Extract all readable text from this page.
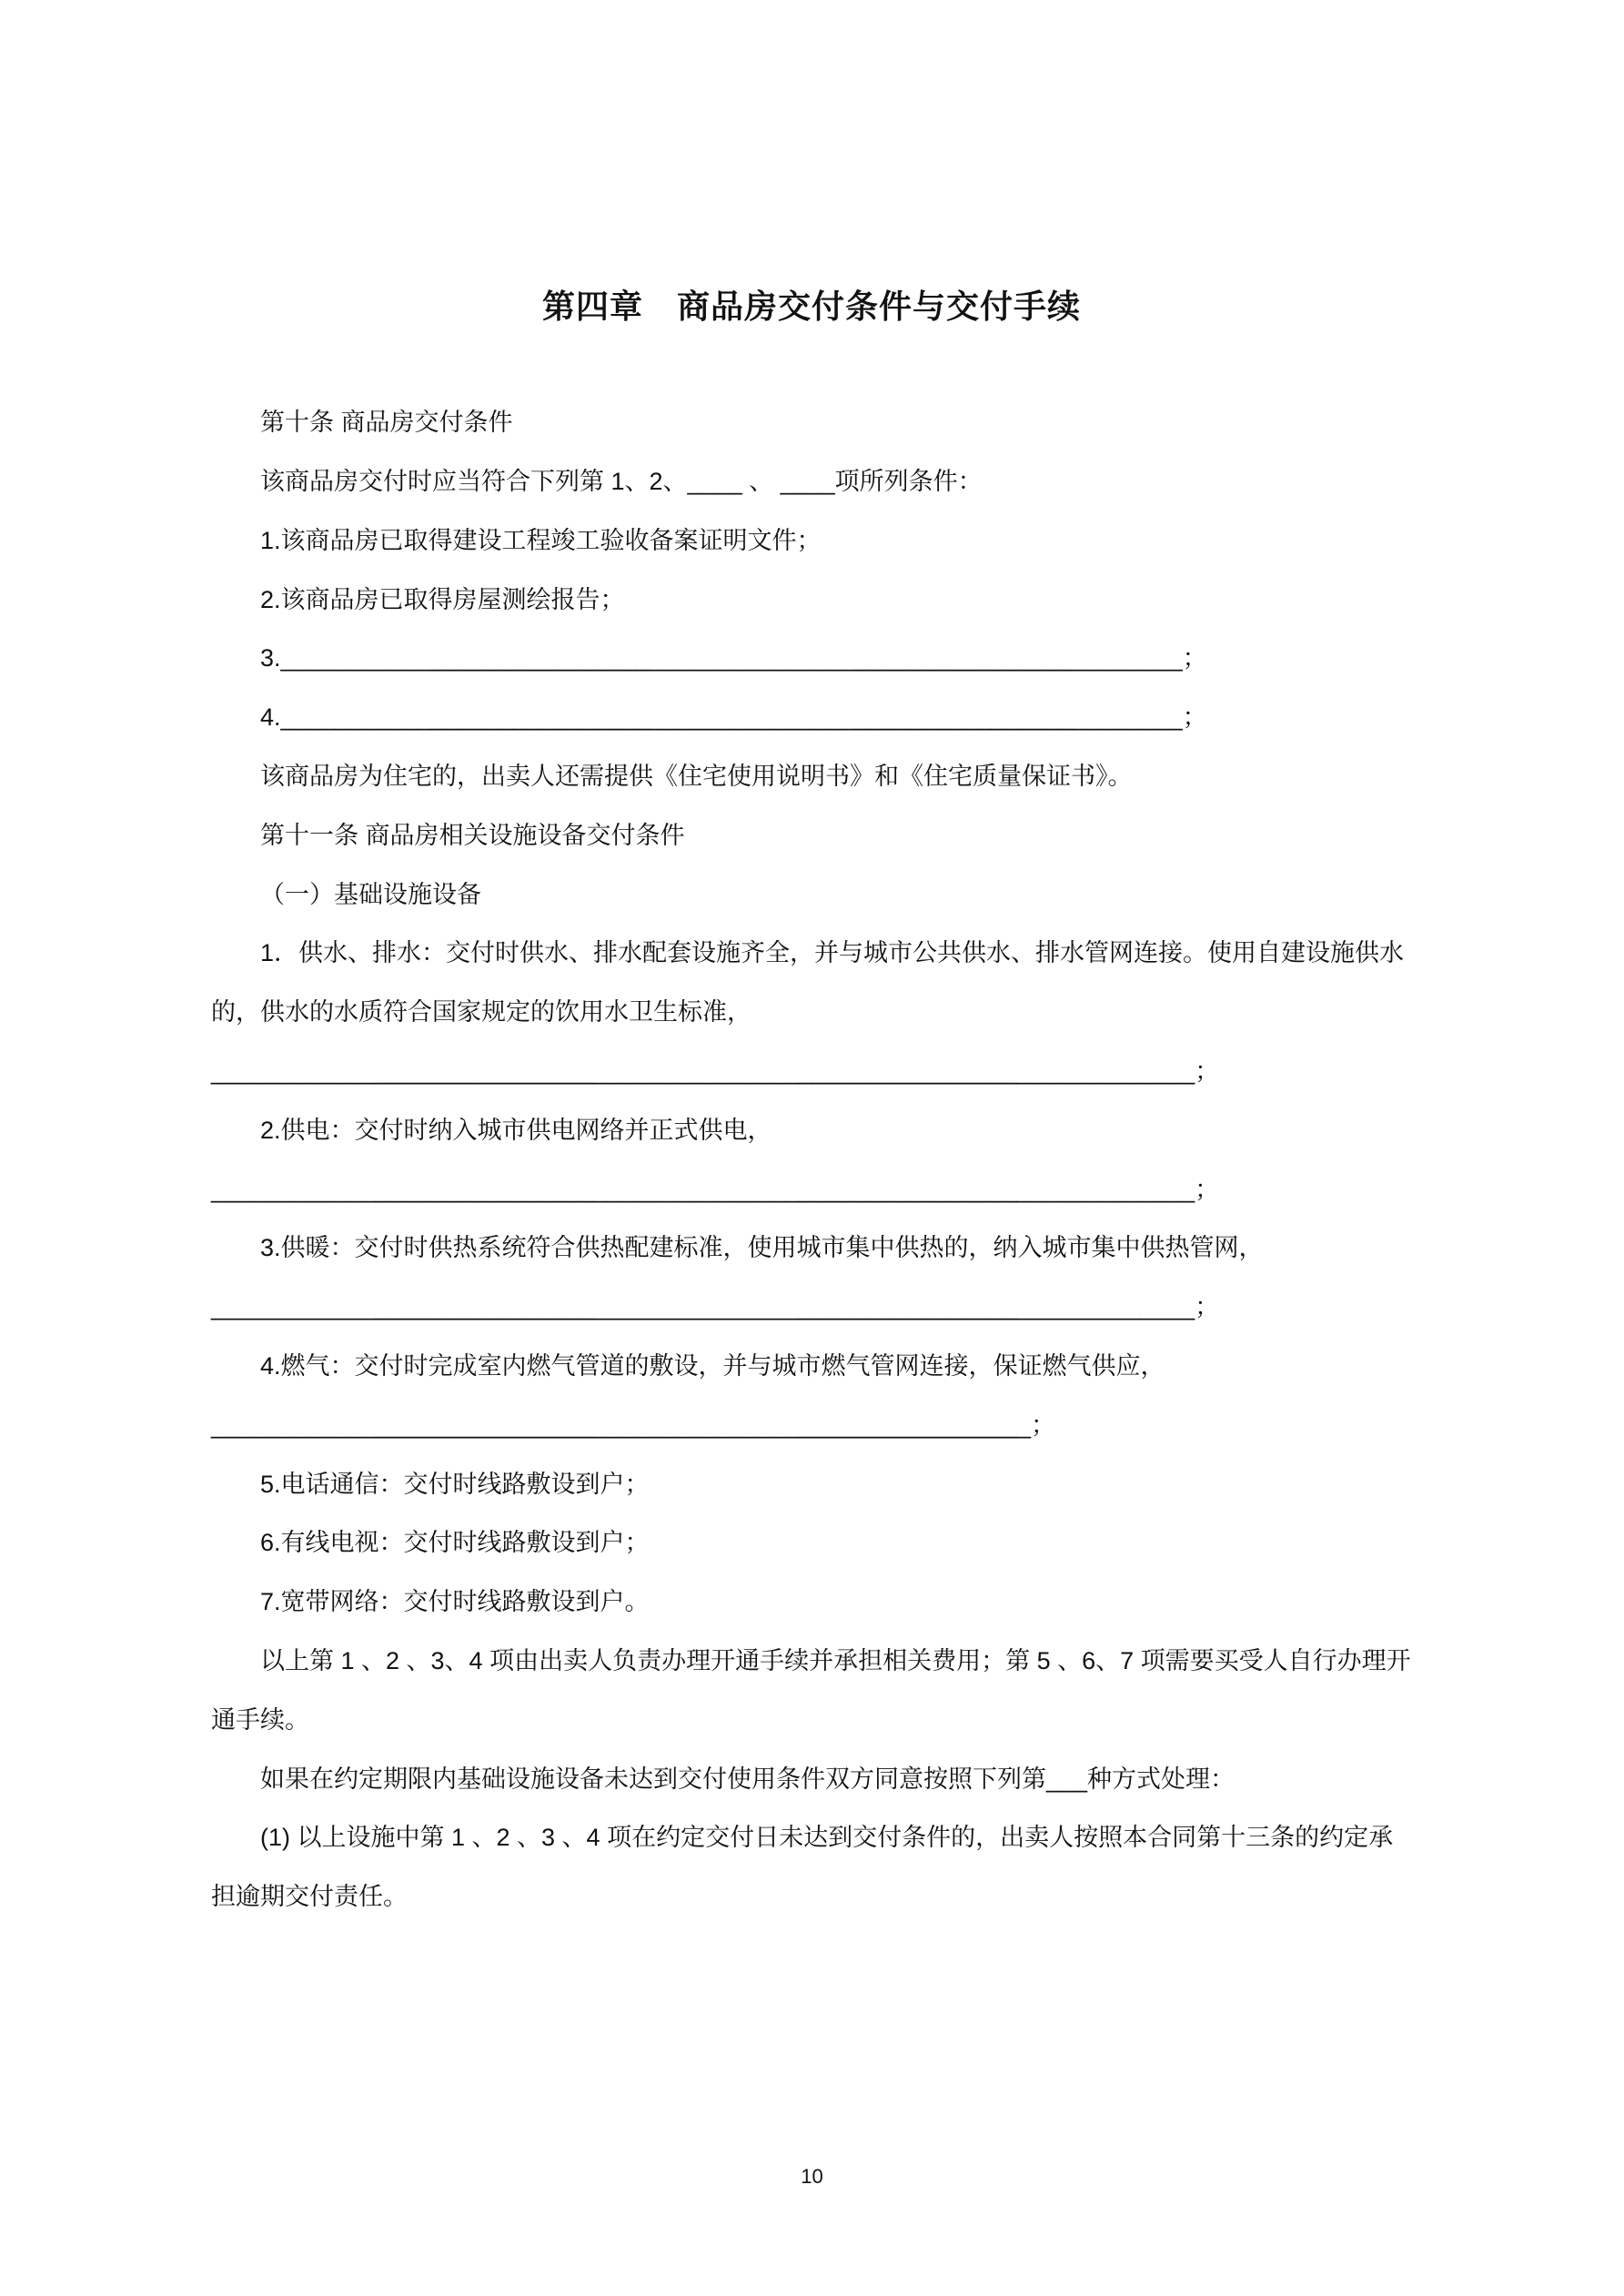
第四章　商品房交付条件与交付手续

第十条 商品房交付条件

该商品房交付时应当符合下列第 1、2、____ 、 ____项所列条件：

1.该商品房已取得建设工程竣工验收备案证明文件；

2.该商品房已取得房屋测绘报告；

3.__________________________________________________________________；

4.__________________________________________________________________；

该商品房为住宅的，出卖人还需提供《住宅使用说明书》和《住宅质量保证书》。

第十一条 商品房相关设施设备交付条件

（一）基础设施设备

1．供水、排水：交付时供水、排水配套设施齐全，并与城市公共供水、排水管网连接。使用自建设施供水的，供水的水质符合国家规定的饮用水卫生标准，

________________________________________________________________________；

2.供电：交付时纳入城市供电网络并正式供电，

________________________________________________________________________；

3.供暖：交付时供热系统符合供热配建标准，使用城市集中供热的，纳入城市集中供热管网，

________________________________________________________________________；

4.燃气：交付时完成室内燃气管道的敷设，并与城市燃气管网连接，保证燃气供应，

____________________________________________________________；

5.电话通信：交付时线路敷设到户；

6.有线电视：交付时线路敷设到户；

7.宽带网络：交付时线路敷设到户。

以上第 1 、2 、3、4 项由出卖人负责办理开通手续并承担相关费用；第 5 、6、7 项需要买受人自行办理开通手续。

如果在约定期限内基础设施设备未达到交付使用条件双方同意按照下列第___种方式处理：

(1) 以上设施中第 1 、2 、3 、4 项在约定交付日未达到交付条件的，出卖人按照本合同第十三条的约定承担逾期交付责任。

10
